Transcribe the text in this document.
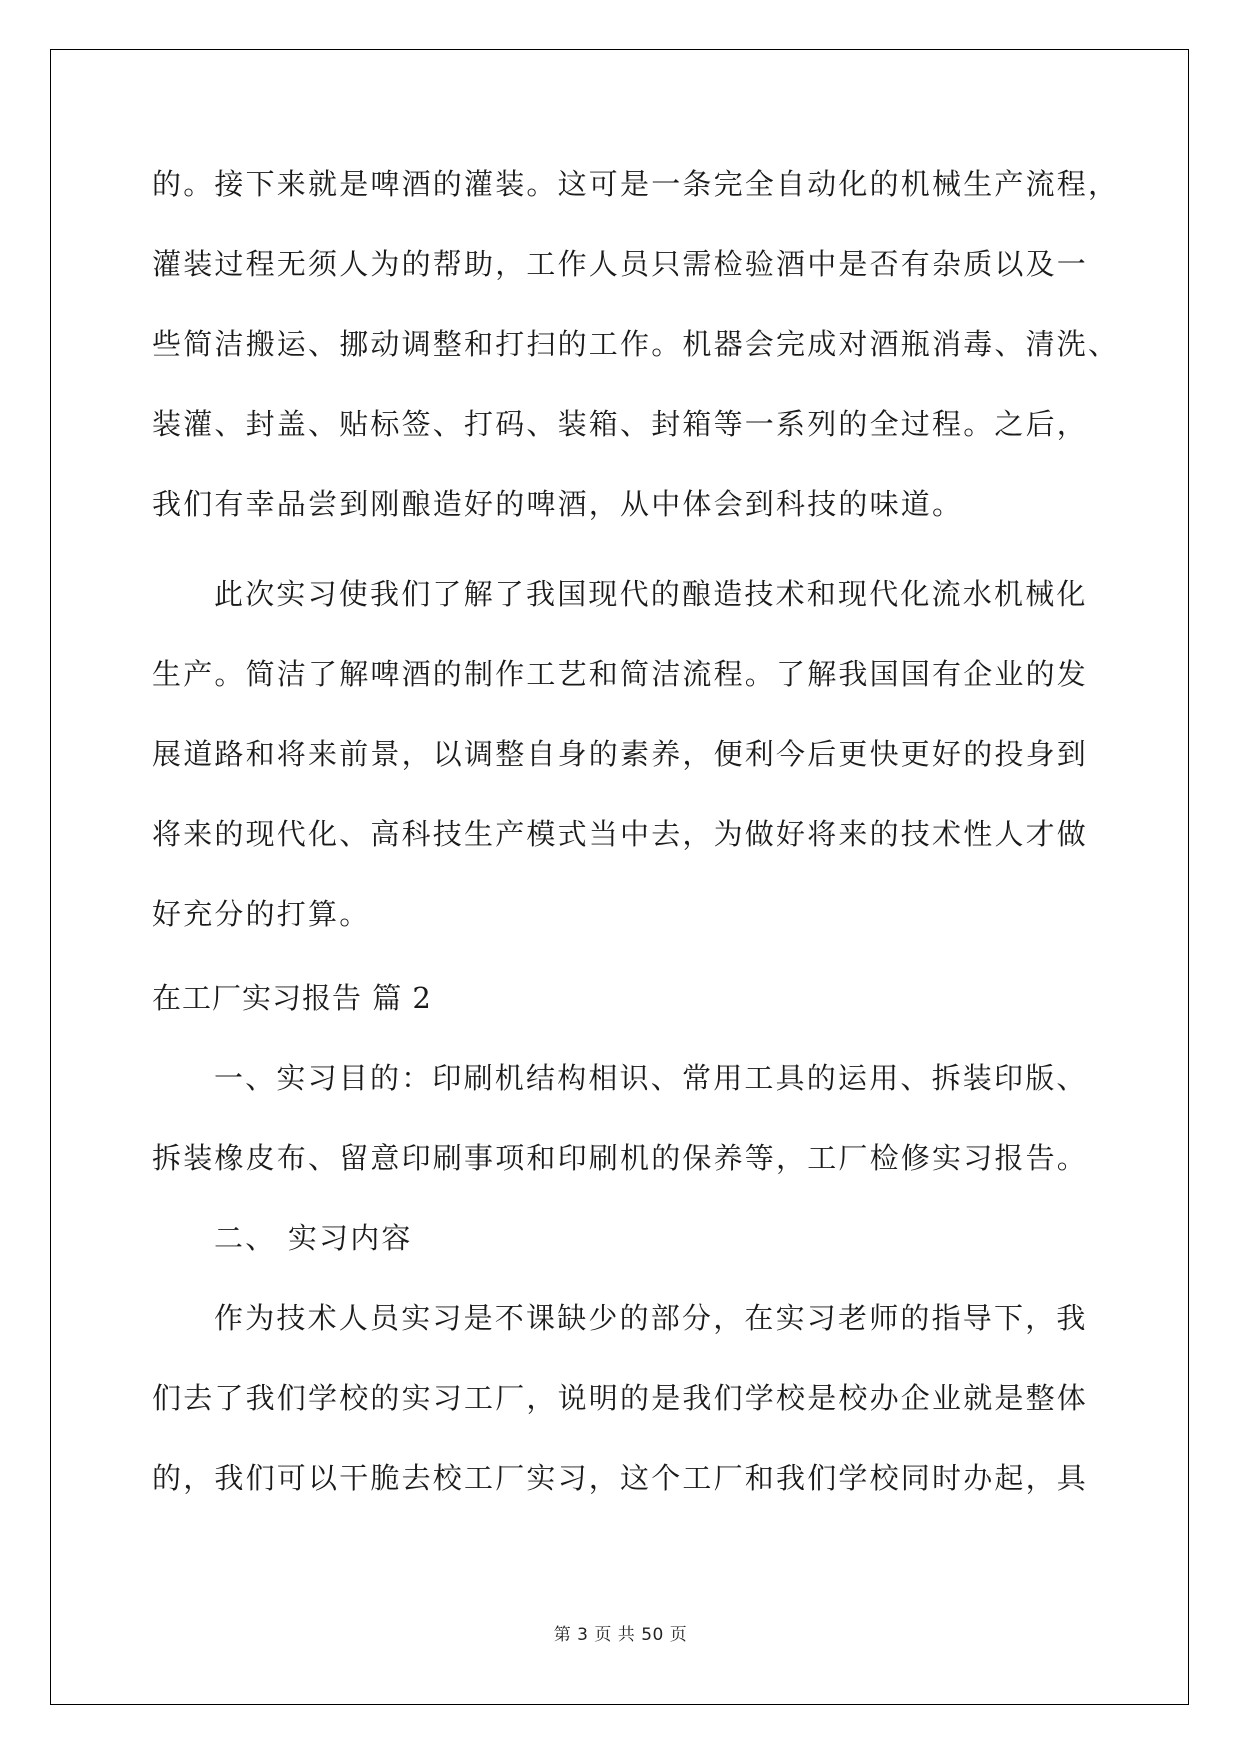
的。接下来就是啤酒的灌装。这可是一条完全自动化的机械生产流程，
灌装过程无须人为的帮助，工作人员只需检验酒中是否有杂质以及一
些简洁搬运、挪动调整和打扫的工作。机器会完成对酒瓶消毒、清洗、
装灌、封盖、贴标签、打码、装箱、封箱等一系列的全过程。之后，
我们有幸品尝到刚酿造好的啤酒，从中体会到科技的味道。
此次实习使我们了解了我国现代的酿造技术和现代化流水机械化
生产。简洁了解啤酒的制作工艺和简洁流程。了解我国国有企业的发
展道路和将来前景，以调整自身的素养，便利今后更快更好的投身到
将来的现代化、高科技生产模式当中去，为做好将来的技术性人才做
好充分的打算。
在工厂实习报告 篇 2
一、实习目的：印刷机结构相识、常用工具的运用、拆装印版、
拆装橡皮布、留意印刷事项和印刷机的保养等，工厂检修实习报告。
二、 实习内容
作为技术人员实习是不课缺少的部分，在实习老师的指导下，我
们去了我们学校的实习工厂，说明的是我们学校是校办企业就是整体
的，我们可以干脆去校工厂实习，这个工厂和我们学校同时办起，具
第 3 页 共 50 页
